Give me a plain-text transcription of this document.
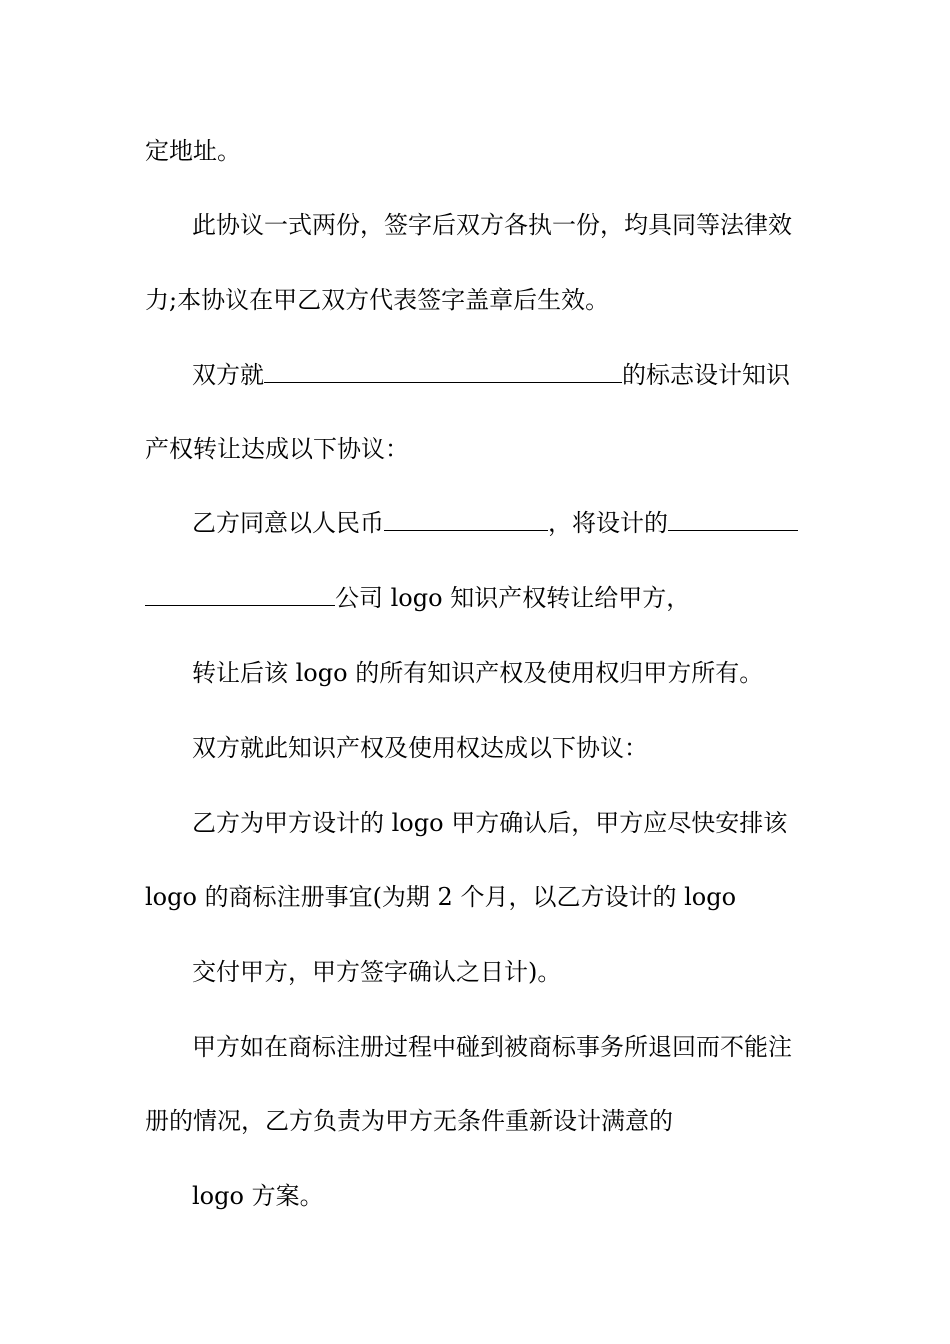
定地址。
此协议一式两份，签字后双方各执一份，均具同等法律效
力;本协议在甲乙双方代表签字盖章后生效。
双方就	的标志设计知识
产权转让达成以下协议：
乙方同意以人民币	，将设计的
公司 logo 知识产权转让给甲方，
转让后该 logo 的所有知识产权及使用权归甲方所有。
双方就此知识产权及使用权达成以下协议：
乙方为甲方设计的 logo 甲方确认后，甲方应尽快安排该
logo 的商标注册事宜(为期 2 个月，以乙方设计的 logo
交付甲方，甲方签字确认之日计)。
甲方如在商标注册过程中碰到被商标事务所退回而不能注
册的情况，乙方负责为甲方无条件重新设计满意的
logo 方案。
